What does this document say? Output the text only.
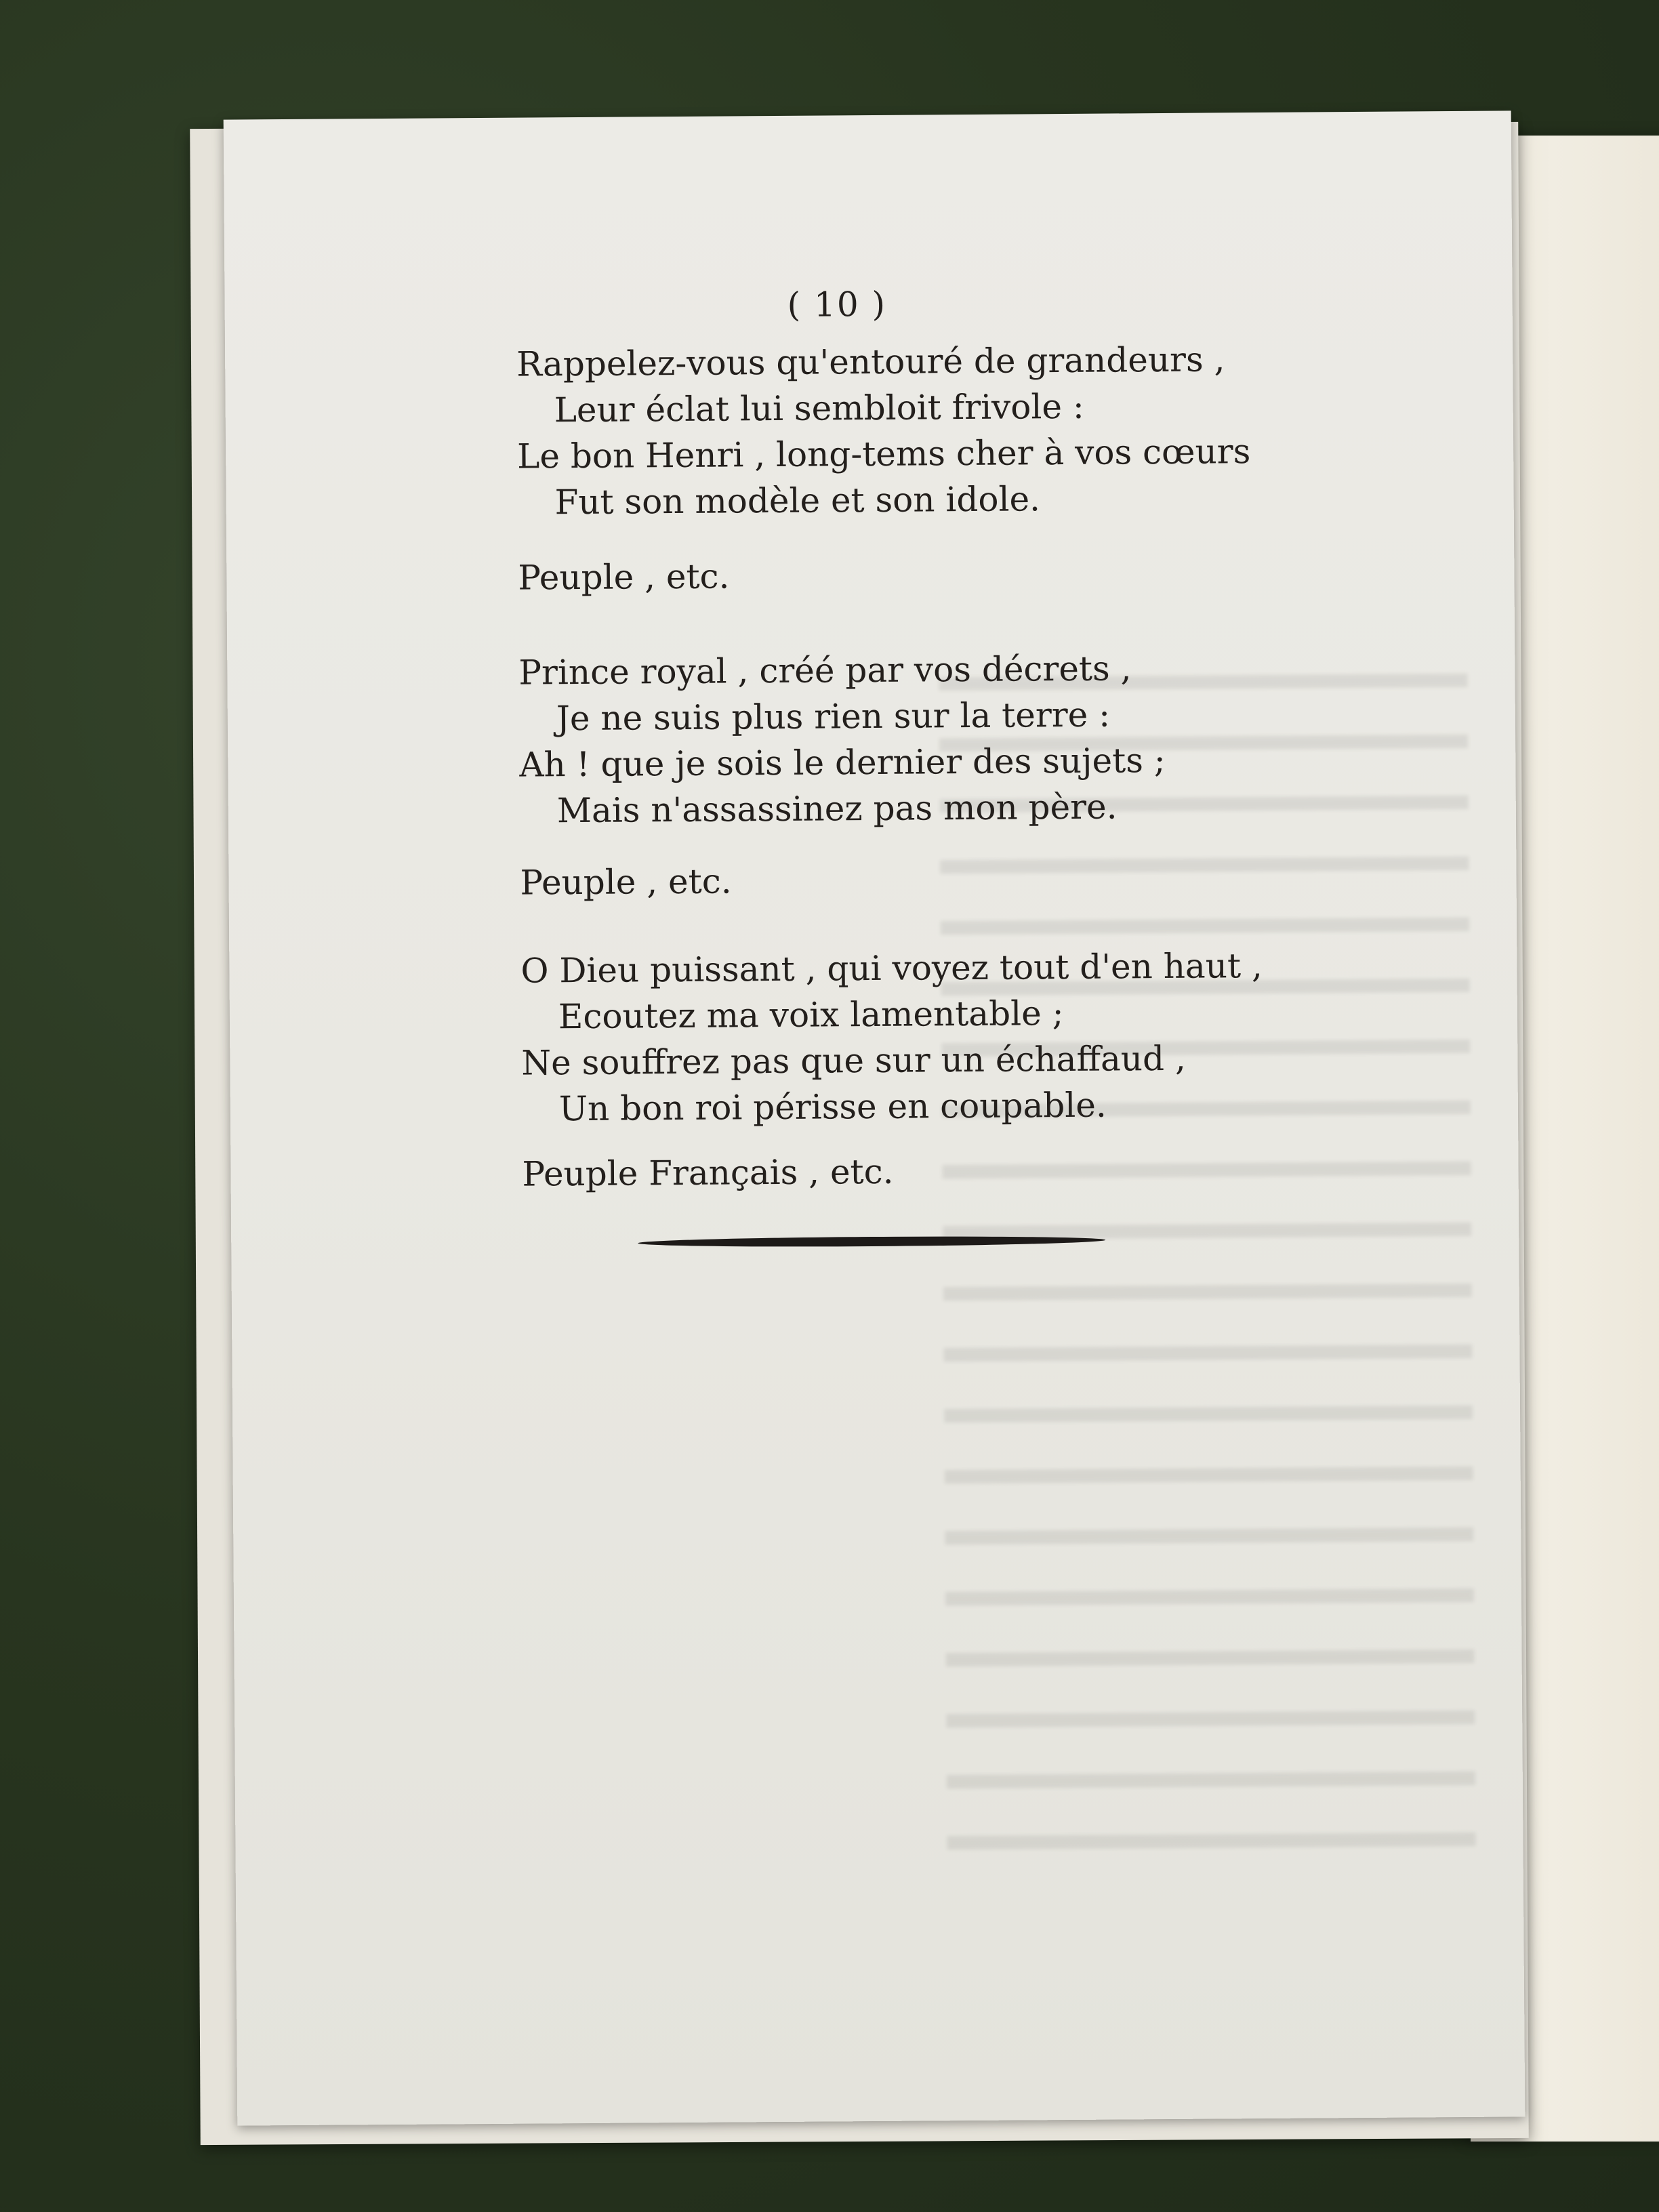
( 10 )

Rappelez-vous qu'entouré de grandeurs ,

Leur éclat lui sembloit frivole :

Le bon Henri , long-tems cher à vos cœurs

Fut son modèle et son idole.

Peuple , etc.

Prince royal , créé par vos décrets ,

Je ne suis plus rien sur la terre :

Ah ! que je sois le dernier des sujets ;

Mais n'assassinez pas mon père.

Peuple , etc.

O Dieu puissant , qui voyez tout d'en haut ,

Ecoutez ma voix lamentable ;

Ne souffrez pas que sur un échaffaud ,

Un bon roi périsse en coupable.

Peuple Français , etc.
